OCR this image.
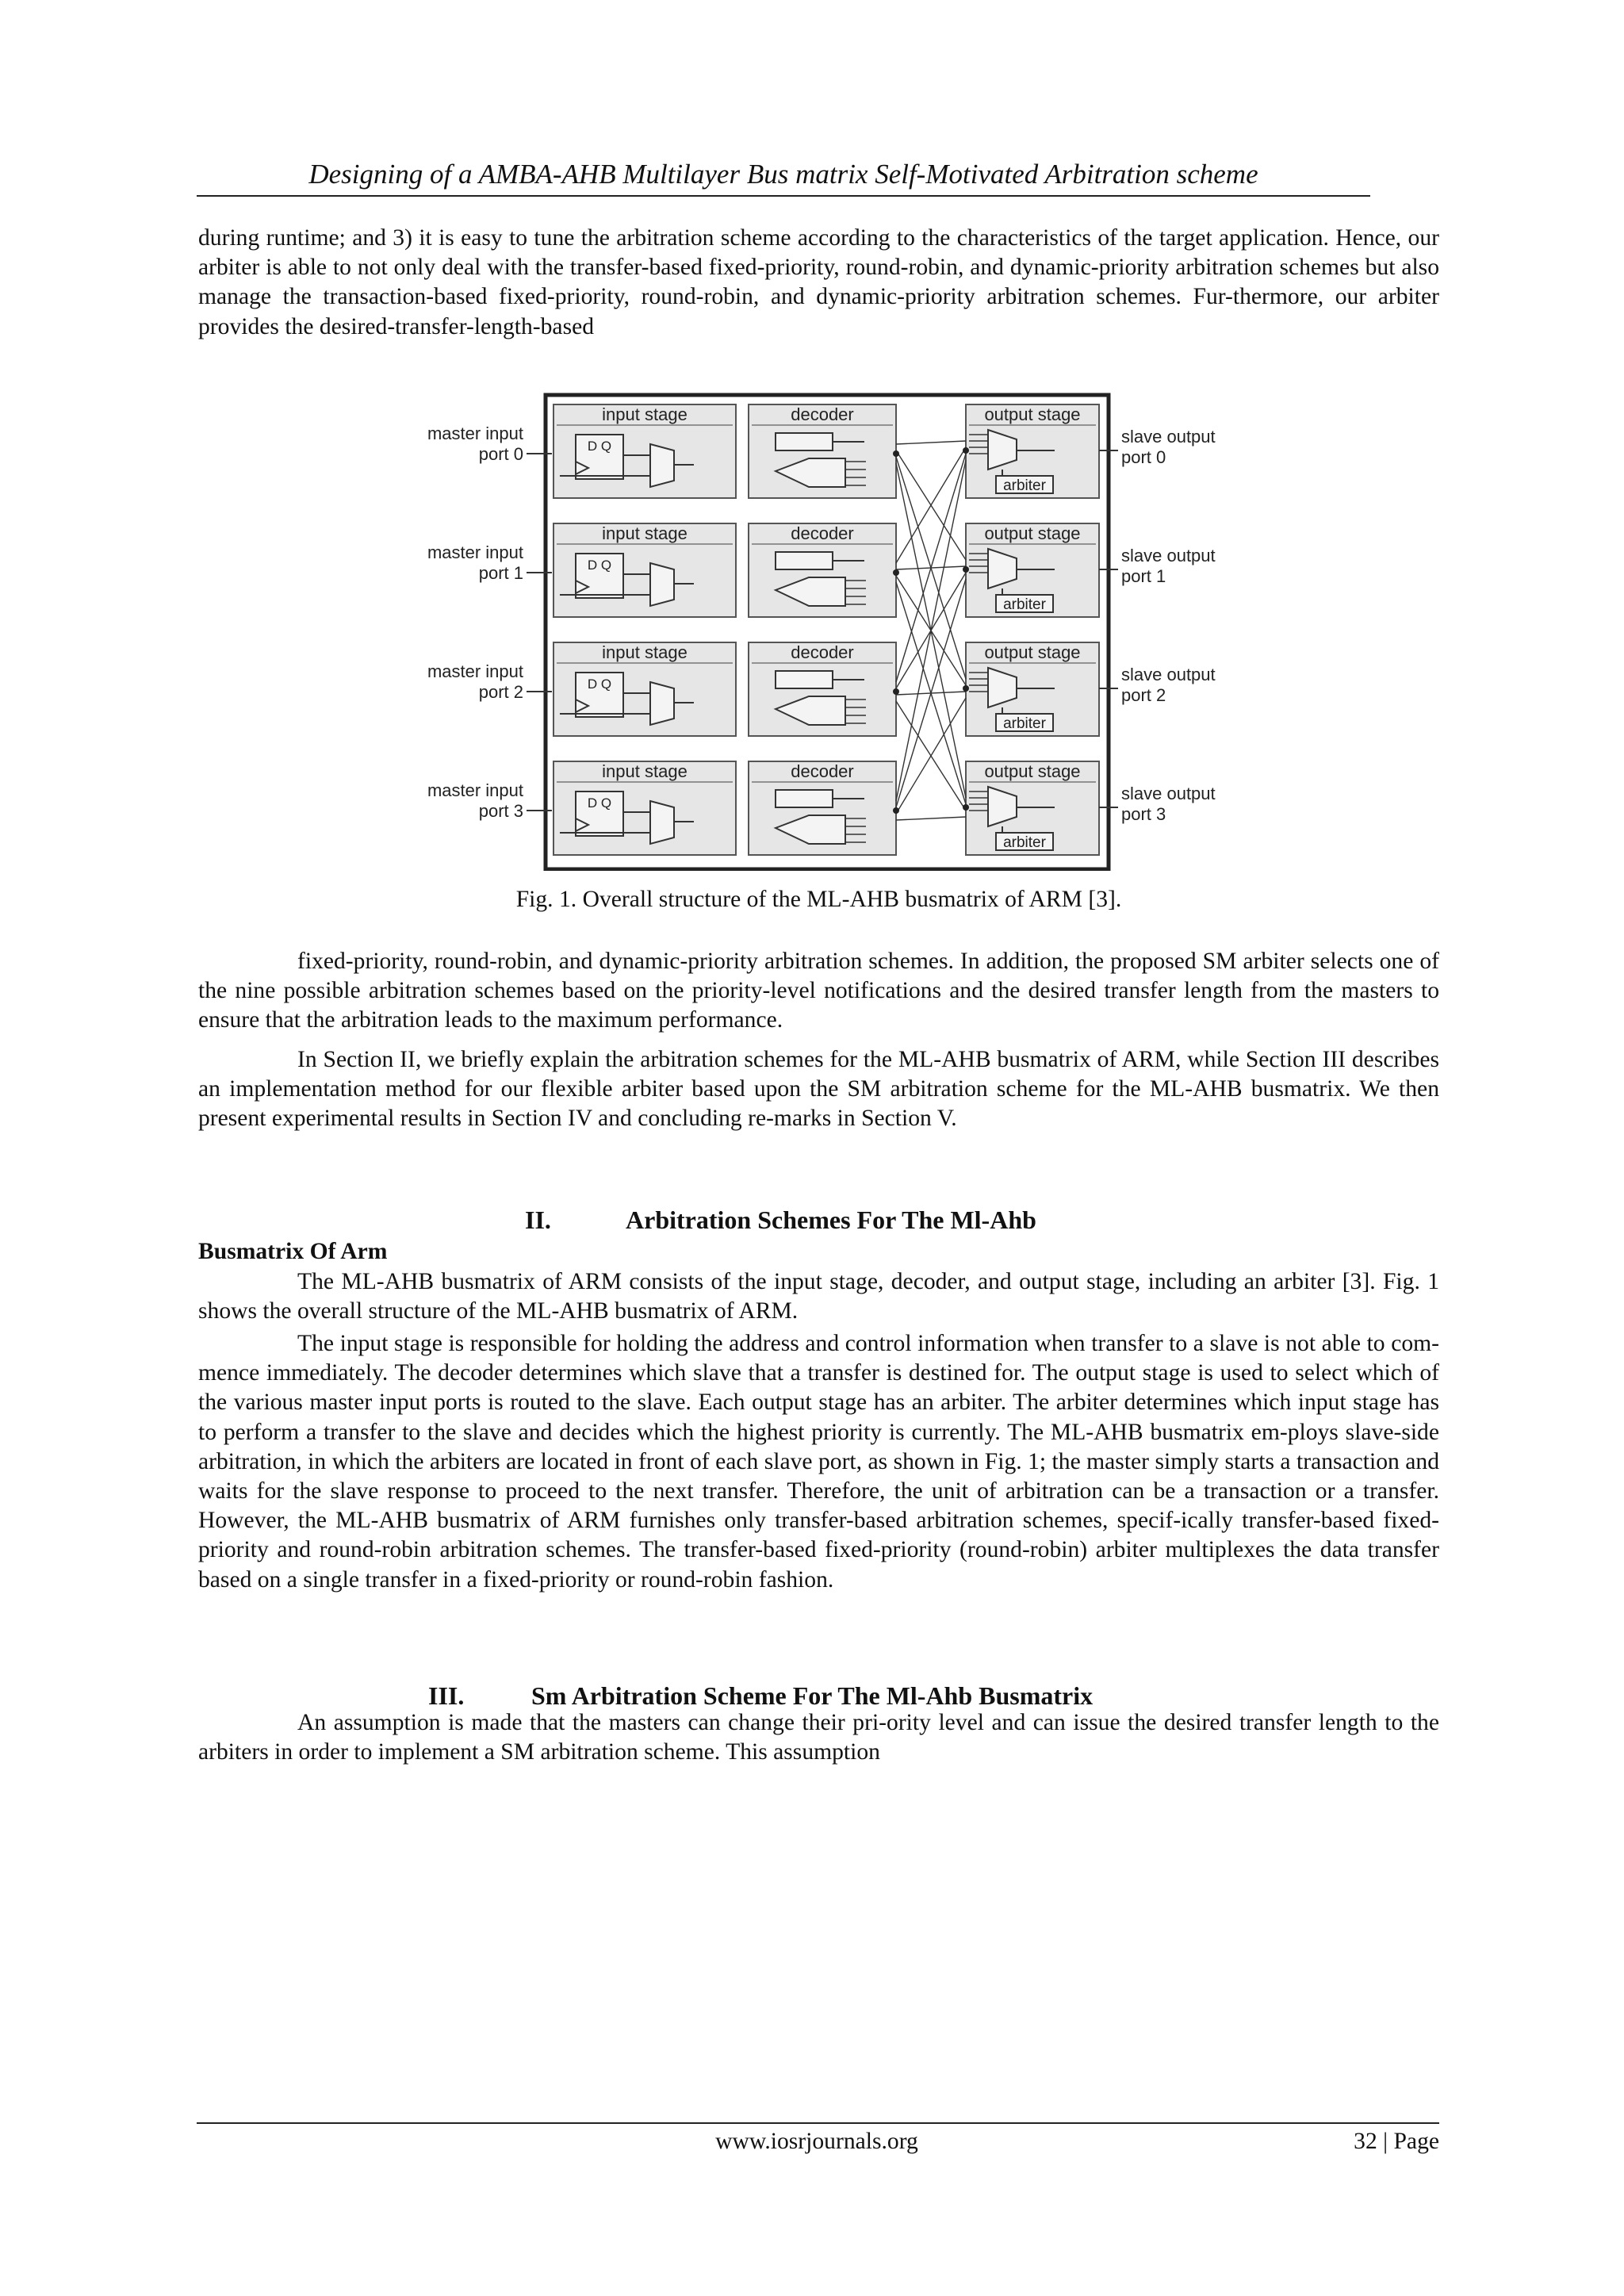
Designing of a AMBA-AHB Multilayer Bus matrix Self-Motivated Arbitration scheme

during runtime; and 3) it is easy to tune the arbitration scheme according to the characteristics of the target application. Hence, our arbiter is able to not only deal with the transfer-based fixed-priority, round-robin, and dynamic-priority arbitration schemes but also manage the transaction-based fixed-priority, round-robin, and dynamic-priority arbitration schemes. Fur-thermore, our arbiter provides the desired-transfer-length-based

master input
port 0
input stage
D Q
decoder	output stage
arbiter
slave output
port 0
master input
port 1
input stage
D Q
decoder	output stage
arbiter
slave output
port 1
master input
port 2
input stage
D Q
decoder	output stage
arbiter
slave output
port 2
master input
port 3
input stage
D Q
decoder	output stage
arbiter
slave output
port 3
Fig. 1. Overall structure of the ML-AHB busmatrix of ARM [3].

fixed-priority, round-robin, and dynamic-priority arbitration schemes. In addition, the proposed SM arbiter selects one of the nine possible arbitration schemes based on the priority-level notifications and the desired transfer length from the masters to ensure that the arbitration leads to the maximum performance.

In Section II, we briefly explain the arbitration schemes for the ML-AHB busmatrix of ARM, while Section III describes an implementation method for our flexible arbiter based upon the SM arbitration scheme for the ML-AHB busmatrix. We then present experimental results in Section IV and concluding re-marks in Section V.

II.	Arbitration Schemes For The Ml-Ahb
Busmatrix Of Arm

The ML-AHB busmatrix of ARM consists of the input stage, decoder, and output stage, including an arbiter [3]. Fig. 1 shows the overall structure of the ML-AHB busmatrix of ARM.

The input stage is responsible for holding the address and control information when transfer to a slave is not able to com-mence immediately. The decoder determines which slave that a transfer is destined for. The output stage is used to select which of the various master input ports is routed to the slave. Each output stage has an arbiter. The arbiter determines which input stage has to perform a transfer to the slave and decides which the highest priority is currently. The ML-AHB busmatrix em-ploys slave-side arbitration, in which the arbiters are located in front of each slave port, as shown in Fig. 1; the master simply starts a transaction and waits for the slave response to proceed to the next transfer. Therefore, the unit of arbitration can be a transaction or a transfer. However, the ML-AHB busmatrix of ARM furnishes only transfer-based arbitration schemes, specif-ically transfer-based fixed-priority and round-robin arbitration schemes. The transfer-based fixed-priority (round-robin) arbiter multiplexes the data transfer based on a single transfer in a fixed-priority or round-robin fashion.

III.	Sm Arbitration Scheme For The Ml-Ahb Busmatrix

An assumption is made that the masters can change their pri-ority level and can issue the desired transfer length to the arbiters in order to implement a SM arbitration scheme. This assumption

www.iosrjournals.org	32 | Page
